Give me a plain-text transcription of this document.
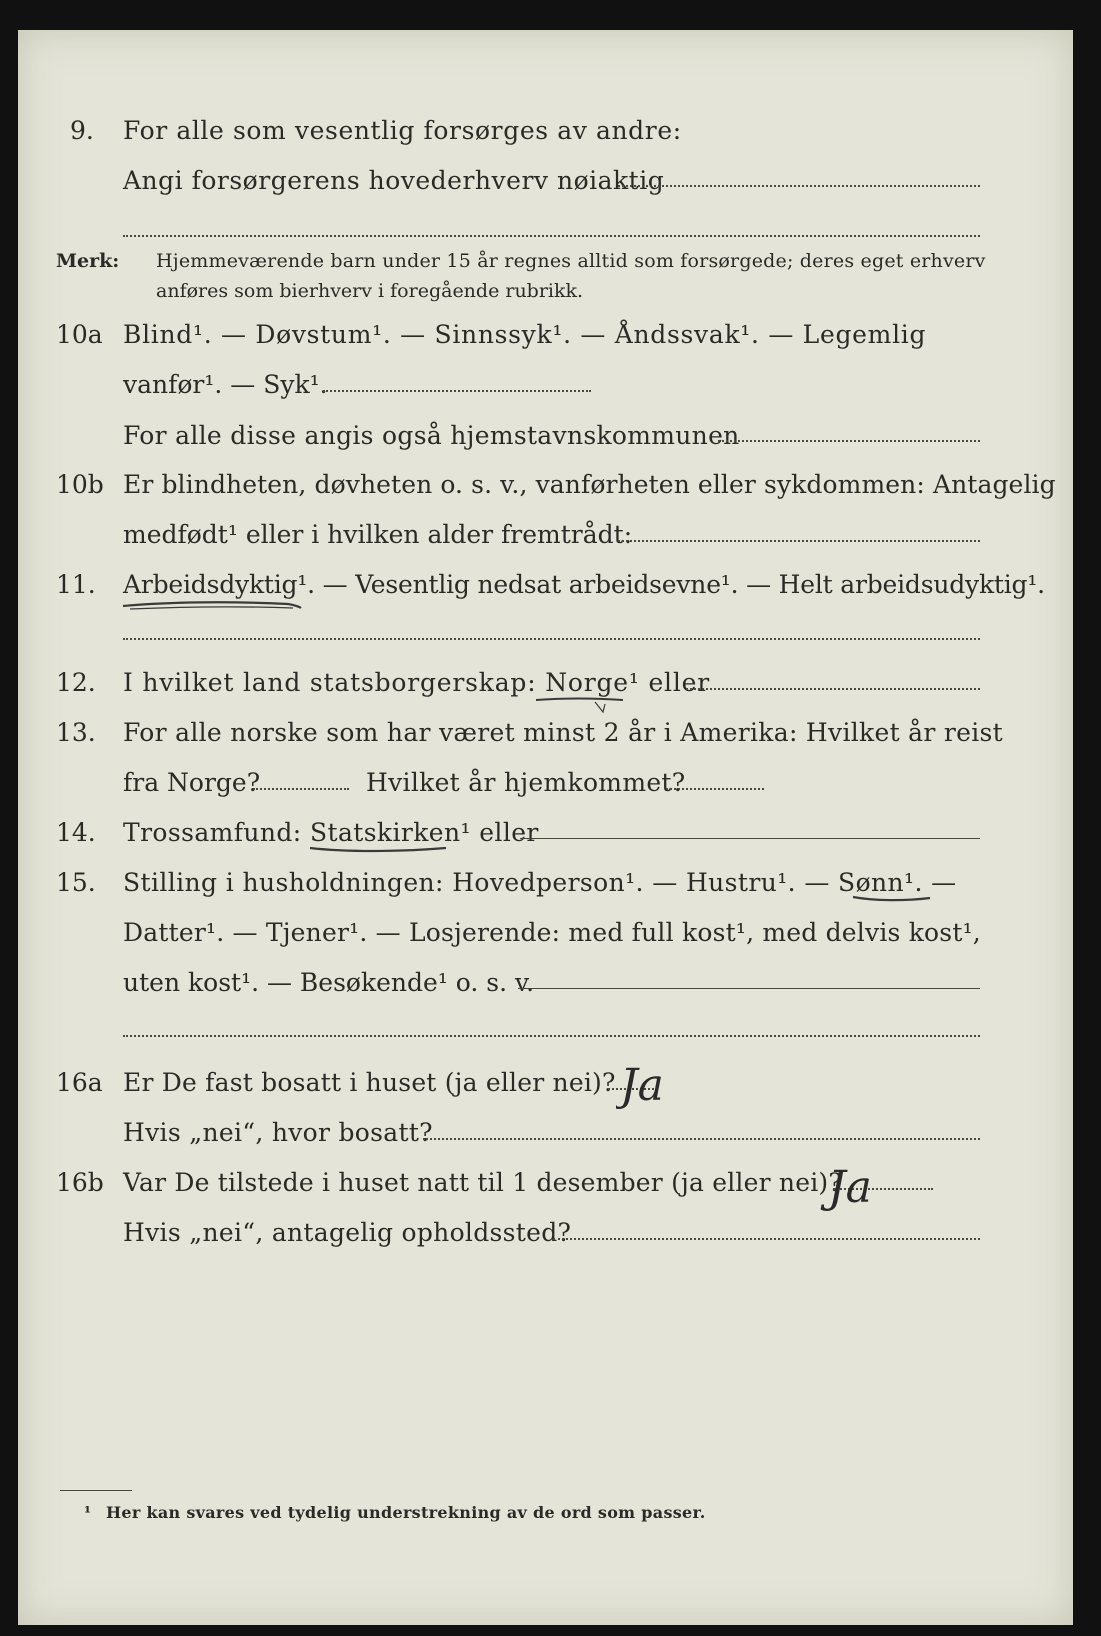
9. For alle som vesentlig forsørges av andre:
Angi forsørgerens hovederhverv nøiaktig
Merk: Hjemmeværende barn under 15 år regnes alltid som forsørgede; deres eget erhverv
anføres som bierhverv i foregående rubrikk.
10a Blind¹. — Døvstum¹. — Sinnssyk¹. — Åndssvak¹. — Legemlig
vanfør¹. — Syk¹.
For alle disse angis også hjemstavnskommunen
10b Er blindheten, døvheten o. s. v., vanførheten eller sykdommen: Antagelig
medfødt¹ eller i hvilken alder fremtrådt:
11. Arbeidsdyktig¹. — Vesentlig nedsat arbeidsevne¹. — Helt arbeidsudyktig¹.
12. I hvilket land statsborgerskap: Norge¹ eller
13. For alle norske som har været minst 2 år i Amerika: Hvilket år reist
fra Norge?	Hvilket år hjemkommet?
14. Trossamfund: Statskirken¹ eller
15. Stilling i husholdningen: Hovedperson¹. — Hustru¹. — Sønn¹. —
Datter¹. — Tjener¹. — Losjerende: med full kost¹, med delvis kost¹,
uten kost¹. — Besøkende¹ o. s. v.
16a Er De fast bosatt i huset (ja eller nei)? Ja
Hvis „nei“, hvor bosatt?
16b Var De tilstede i huset natt til 1 desember (ja eller nei)?
Ja
Hvis „nei“, antagelig opholdssted?
¹ Her kan svares ved tydelig understrekning av de ord som passer.
